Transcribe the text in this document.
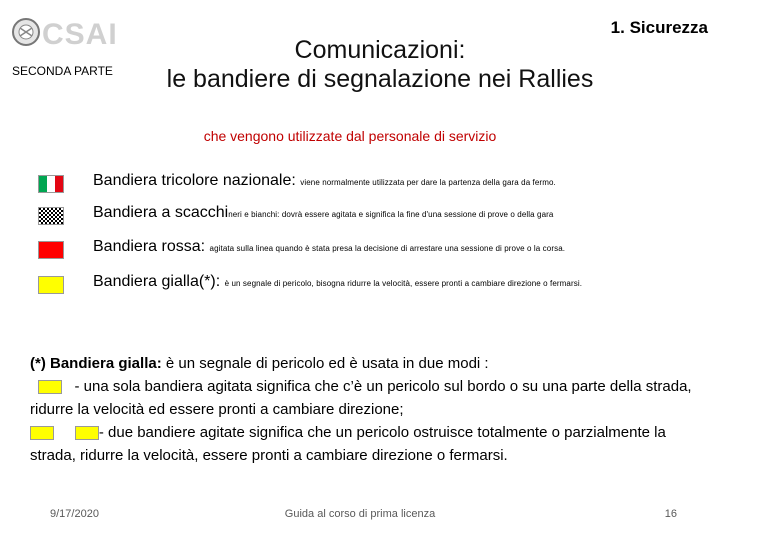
CSAI
SECONDA PARTE
1. Sicurezza
Comunicazioni:
le bandiere di segnalazione nei Rallies
che vengono utilizzate dal personale di servizio
Bandiera tricolore nazionale: viene normalmente utilizzata per dare la partenza della gara da fermo.
Bandiera a scacchineri e bianchi: dovrà essere agitata e significa la fine d'una sessione di prove o della gara
Bandiera rossa: agitata sulla linea quando è stata presa la decisione di arrestare una sessione di prove o la corsa.
Bandiera gialla(*): è un segnale di pericolo, bisogna ridurre la velocità, essere pronti a cambiare direzione o fermarsi.
(*) Bandiera gialla: è un segnale di pericolo ed è usata in due modi :
- una sola bandiera agitata significa che c’è un pericolo sul bordo o su una parte della strada, ridurre la velocità ed essere pronti a cambiare direzione;
- due bandiere agitate significa che un pericolo ostruisce totalmente o parzialmente la strada, ridurre la velocità, essere pronti a cambiare direzione o fermarsi.
9/17/2020	Guida al corso di prima licenza	16
